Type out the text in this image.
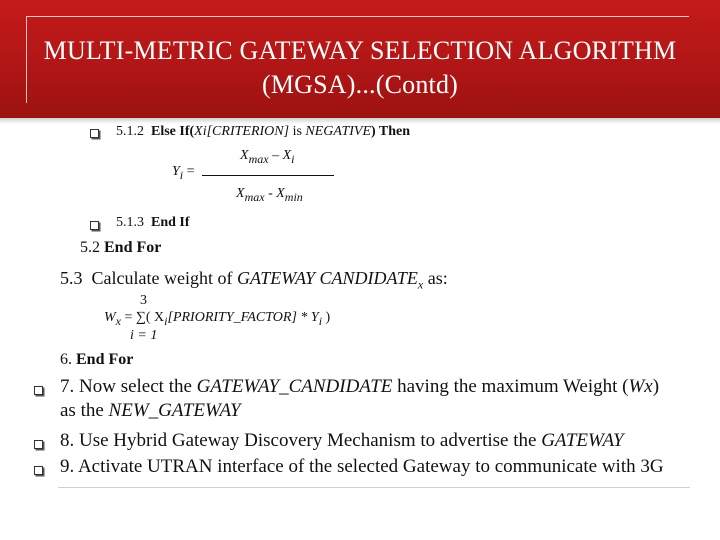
MULTI-METRIC GATEWAY SELECTION ALGORITHM
(MGSA)...(Contd)
5.1.2 Else If(Xi[CRITERION] is NEGATIVE) Then
$X_{max} - X_i$
$Y_i$ =
$X_{max} - X_{min}$
5.1.3 End If
5.2 End For
5.3 Calculate weight of GATEWAY $CANDIDATE_x$ as:
3
$W_x$ = ∑( $X_i[PRIORITY\_FACTOR] * Y_i$ )
i = 1
6. End For
7. Now select the GATEWAY_CANDIDATE having the maximum Weight (Wx)
as the NEW_GATEWAY
8. Use Hybrid Gateway Discovery Mechanism to advertise the GATEWAY
9. Activate UTRAN interface of the selected Gateway to communicate with 3G
